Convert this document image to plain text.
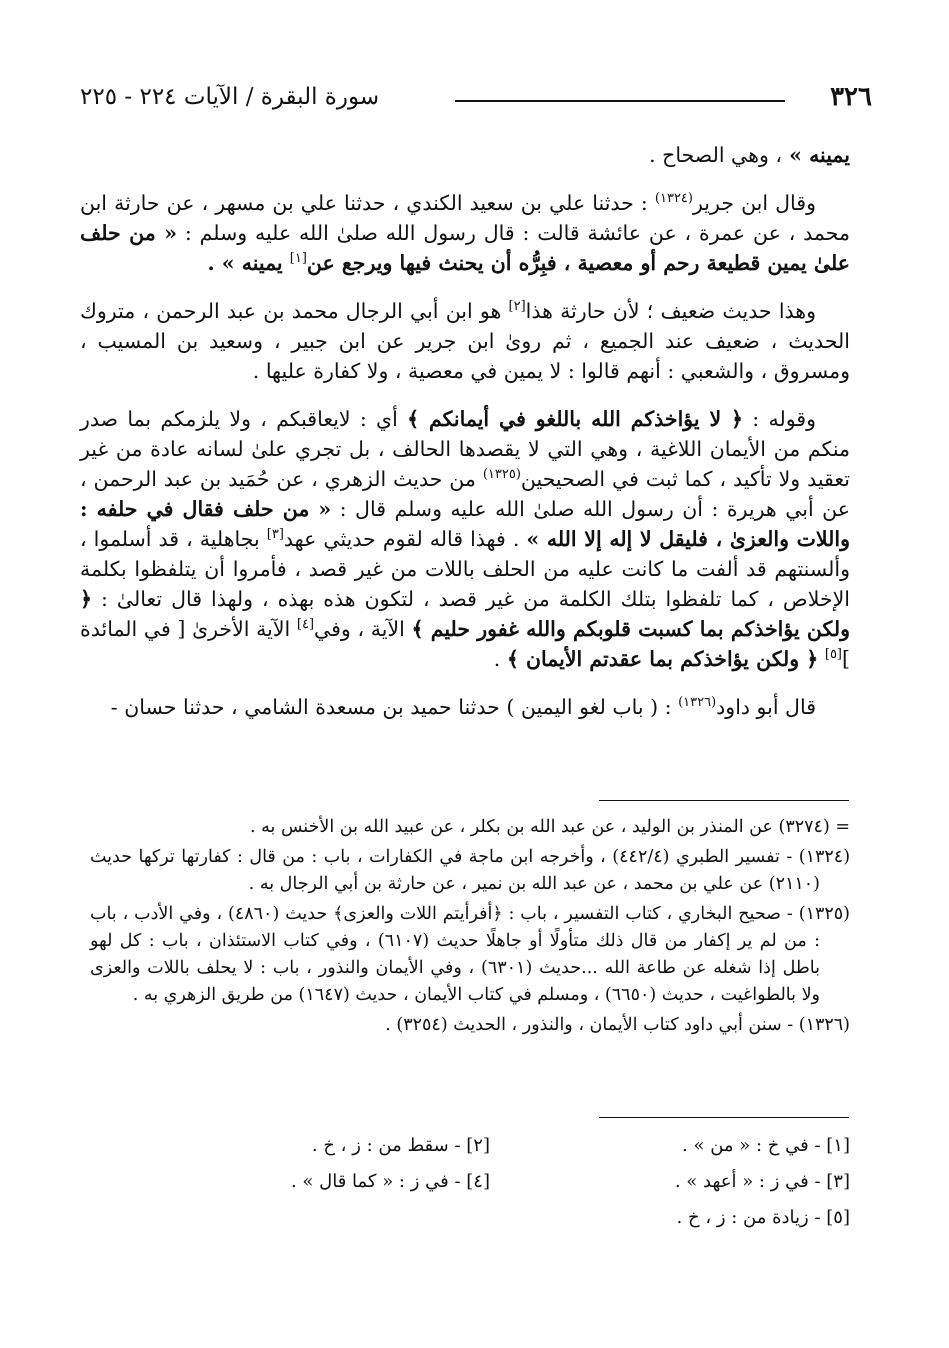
٣٢٦
سورة البقرة / الآيات ٢٢٤ - ٢٢٥

يمينه » ، وهي الصحاح .

وقال ابن جرير$^{(١٣٢٤)}$ : حدثنا علي بن سعيد الكندي ، حدثنا علي بن مسهر ، عن حارثة ابن محمد ، عن عمرة ، عن عائشة قالت : قال رسول الله صلىٰ الله عليه وسلم : « من حلف علىٰ يمين قطيعة رحم أو معصية ، فبِرُّه أن يحنث فيها ويرجع عن[١] يمينه » .

وهذا حديث ضعيف ؛ لأن حارثة هذا[٢] هو ابن أبي الرجال محمد بن عبد الرحمن ، متروك الحديث ، ضعيف عند الجميع ، ثم روىٰ ابن جرير عن ابن جبير ، وسعيد بن المسيب ، ومسروق ، والشعبي : أنهم قالوا : لا يمين في معصية ، ولا كفارة عليها .

وقوله : ﴿ لا يؤاخذكم الله باللغو في أيمانكم ﴾ أي : لايعاقبكم ، ولا يلزمكم بما صدر منكم من الأيمان اللاغية ، وهي التي لا يقصدها الحالف ، بل تجري علىٰ لسانه عادة من غير تعقيد ولا تأكيد ، كما ثبت في الصحيحين$^{(١٣٢٥)}$ من حديث الزهري ، عن حُمَيد بن عبد الرحمن ، عن أبي هريرة : أن رسول الله صلىٰ الله عليه وسلم قال : « من حلف فقال في حلفه : واللات والعزىٰ ، فليقل لا إله إلا الله » . فهذا قاله لقوم حديثي عهد[٣] بجاهلية ، قد أسلموا ، وألسنتهم قد ألفت ما كانت عليه من الحلف باللات من غير قصد ، فأمروا أن يتلفظوا بكلمة الإخلاص ، كما تلفظوا بتلك الكلمة من غير قصد ، لتكون هذه بهذه ، ولهذا قال تعالىٰ : ﴿ ولكن يؤاخذكم بما كسبت قلوبكم والله غفور حليم ﴾ الآية ، وفي[٤] الآية الأخرىٰ [ في المائدة ][٥] ﴿ ولكن يؤاخذكم بما عقدتم الأيمان ﴾ .

قال أبو داود$^{(١٣٢٦)}$ : ( باب لغو اليمين ) حدثنا حميد بن مسعدة الشامي ، حدثنا حسان -

= (٣٢٧٤) عن المنذر بن الوليد ، عن عبد الله بن بكلر ، عن عبيد الله بن الأخنس به .

(١٣٢٤) - تفسير الطبري (٤٤٢/٤) ، وأخرجه ابن ماجة في الكفارات ، باب : من قال : كفارتها تركها حديث (٢١١٠) عن علي بن محمد ، عن عبد الله بن نمير ، عن حارثة بن أبي الرجال به .

(١٣٢٥) - صحيح البخاري ، كتاب التفسير ، باب : ﴿أفرأيتم اللات والعزى﴾ حديث (٤٨٦٠) ، وفي الأدب ، باب : من لم ير إكفار من قال ذلك متأولًا أو جاهلًا حديث (٦١٠٧) ، وفي كتاب الاستئذان ، باب : كل لهو باطل إذا شغله عن طاعة الله ...حديث (٦٣٠١) ، وفي الأيمان والنذور ، باب : لا يحلف باللات والعزى ولا بالطواغيت ، حديث (٦٦٥٠) ، ومسلم في كتاب الأيمان ، حديث (١٦٤٧) من طريق الزهري به .

(١٣٢٦) - سنن أبي داود كتاب الأيمان ، والنذور ، الحديث (٣٢٥٤) .

[١] - في خ : « من » .
[٢] - سقط من : ز ، خ .
[٣] - في ز : « أعهد » .
[٤] - في ز : « كما قال » .
[٥] - زيادة من : ز ، خ .
